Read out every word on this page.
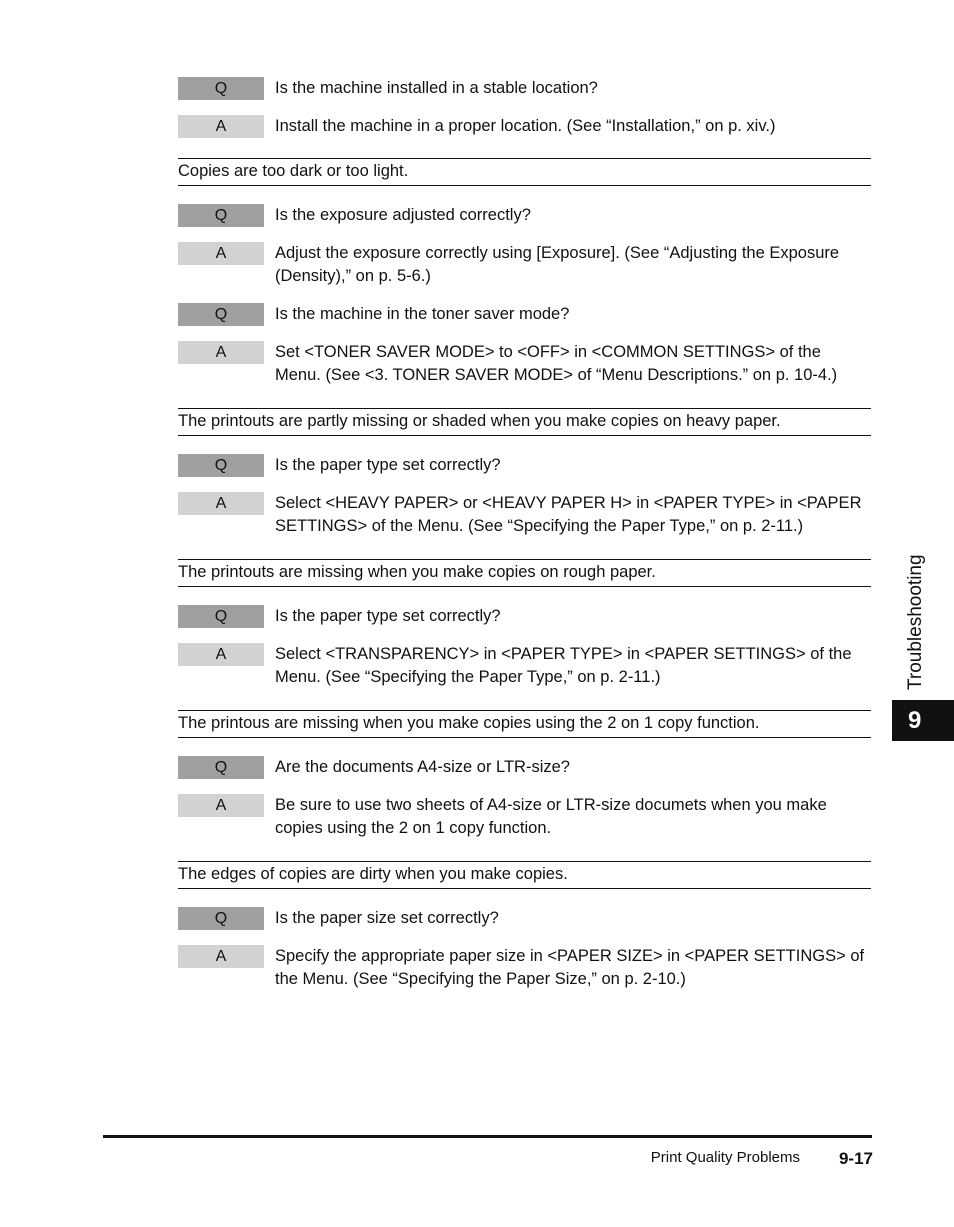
Q	Is the machine installed in a stable location?
A	Install the machine in a proper location. (See “Installation,” on p. xiv.)
Copies are too dark or too light.
Q	Is the exposure adjusted correctly?
A	Adjust the exposure correctly using [Exposure]. (See “Adjusting the Exposure (Density),” on p. 5-6.)
Q	Is the machine in the toner saver mode?
A	Set <TONER SAVER MODE> to <OFF> in <COMMON SETTINGS> of the Menu. (See <3. TONER SAVER MODE> of “Menu Descriptions.” on p. 10-4.)
The printouts are partly missing or shaded when you make copies on heavy paper.
Q	Is the paper type set correctly?
A	Select <HEAVY PAPER> or <HEAVY PAPER H> in <PAPER TYPE> in <PAPER SETTINGS> of the Menu. (See “Specifying the Paper Type,” on p. 2-11.)
The printouts are missing when you make copies on rough paper.
Q	Is the paper type set correctly?
A	Select <TRANSPARENCY> in <PAPER TYPE> in <PAPER SETTINGS> of the Menu. (See “Specifying the Paper Type,” on p. 2-11.)
The printous are missing when you make copies using the 2 on 1 copy function.
Q	Are the documents A4-size or LTR-size?
A	Be sure to use two sheets of A4-size or LTR-size documets when you make copies using the 2 on 1 copy function.
The edges of copies are dirty when you make copies.
Q	Is the paper size set correctly?
A	Specify the appropriate paper size in <PAPER SIZE> in <PAPER SETTINGS> of the Menu. (See “Specifying the Paper Size,” on p. 2-10.)
Troubleshooting
9
Print Quality Problems 9-17
